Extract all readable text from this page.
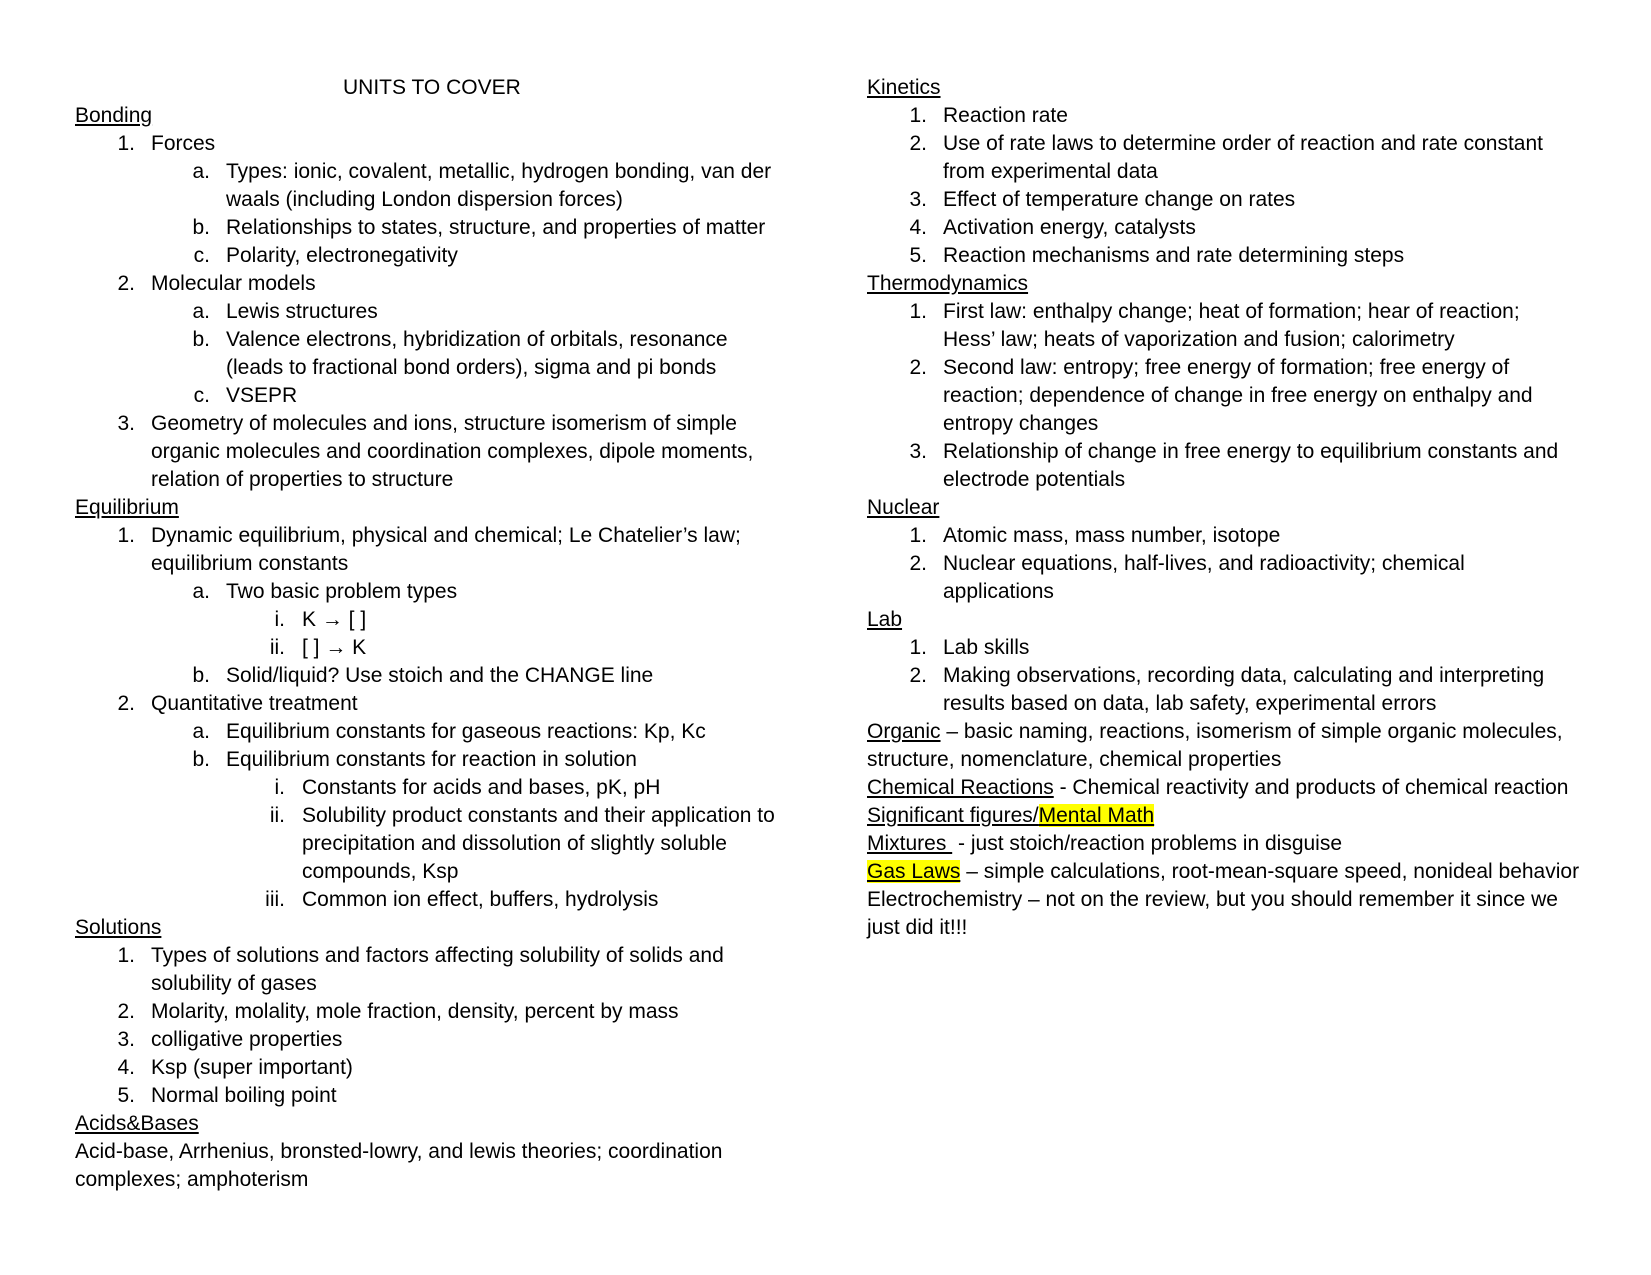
UNITS TO COVER
Bonding
1. Forces
a. Types: ionic, covalent, metallic, hydrogen bonding, van der
waals (including London dispersion forces)
b. Relationships to states, structure, and properties of matter
c. Polarity, electronegativity
2. Molecular models
a. Lewis structures
b. Valence electrons, hybridization of orbitals, resonance
(leads to fractional bond orders), sigma and pi bonds
c. VSEPR
3. Geometry of molecules and ions, structure isomerism of simple
organic molecules and coordination complexes, dipole moments,
relation of properties to structure
Equilibrium
1. Dynamic equilibrium, physical and chemical; Le Chatelier’s law;
equilibrium constants
a. Two basic problem types
i. K → [ ]
ii. [ ] → K
b. Solid/liquid? Use stoich and the CHANGE line
2. Quantitative treatment
a. Equilibrium constants for gaseous reactions: Kp, Kc
b. Equilibrium constants for reaction in solution
i. Constants for acids and bases, pK, pH
ii. Solubility product constants and their application to
precipitation and dissolution of slightly soluble
compounds, Ksp
iii. Common ion effect, buffers, hydrolysis
Solutions
1. Types of solutions and factors affecting solubility of solids and
solubility of gases
2. Molarity, molality, mole fraction, density, percent by mass
3. colligative properties
4. Ksp (super important)
5. Normal boiling point
Acids&Bases
Acid-base, Arrhenius, bronsted-lowry, and lewis theories; coordination
complexes; amphoterism
Kinetics
1. Reaction rate
2. Use of rate laws to determine order of reaction and rate constant
from experimental data
3. Effect of temperature change on rates
4. Activation energy, catalysts
5. Reaction mechanisms and rate determining steps
Thermodynamics
1. First law: enthalpy change; heat of formation; hear of reaction;
Hess’ law; heats of vaporization and fusion; calorimetry
2. Second law: entropy; free energy of formation; free energy of
reaction; dependence of change in free energy on enthalpy and
entropy changes
3. Relationship of change in free energy to equilibrium constants and
electrode potentials
Nuclear
1. Atomic mass, mass number, isotope
2. Nuclear equations, half-lives, and radioactivity; chemical
applications
Lab
1. Lab skills
2. Making observations, recording data, calculating and interpreting
results based on data, lab safety, experimental errors
Organic – basic naming, reactions, isomerism of simple organic molecules,
structure, nomenclature, chemical properties
Chemical Reactions - Chemical reactivity and products of chemical reaction
Significant figures/Mental Math
Mixtures  - just stoich/reaction problems in disguise
Gas Laws – simple calculations, root-mean-square speed, nonideal behavior
Electrochemistry – not on the review, but you should remember it since we
just did it!!!
